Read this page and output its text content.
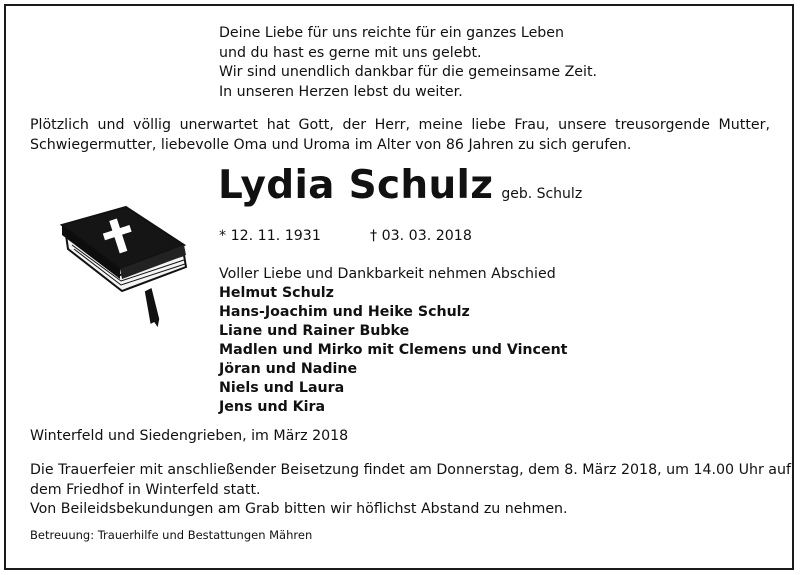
Deine Liebe für uns reichte für ein ganzes Leben
und du hast es gerne mit uns gelebt.
Wir sind unendlich dankbar für die gemeinsame Zeit.
In unseren Herzen lebst du weiter.
Plötzlich und völlig unerwartet hat Gott, der Herr, meine liebe Frau, unsere treusorgende Mutter, Schwiegermutter, liebevolle Oma und Uroma im Alter von 86 Jahren zu sich gerufen.
Lydia Schulz geb. Schulz
* 12. 11. 1931	† 03. 03. 2018
Voller Liebe und Dankbarkeit nehmen Abschied
Helmut Schulz
Hans-Joachim und Heike Schulz
Liane und Rainer Bubke
Madlen und Mirko mit Clemens und Vincent
Jöran und Nadine
Niels und Laura
Jens und Kira
Winterfeld und Siedengrieben, im März 2018
Die Trauerfeier mit anschließender Beisetzung findet am Donnerstag, dem 8. März 2018, um 14.00 Uhr auf
dem Friedhof in Winterfeld statt.
Von Beileidsbekundungen am Grab bitten wir höflichst Abstand zu nehmen.
Betreuung: Trauerhilfe und Bestattungen Mähren
